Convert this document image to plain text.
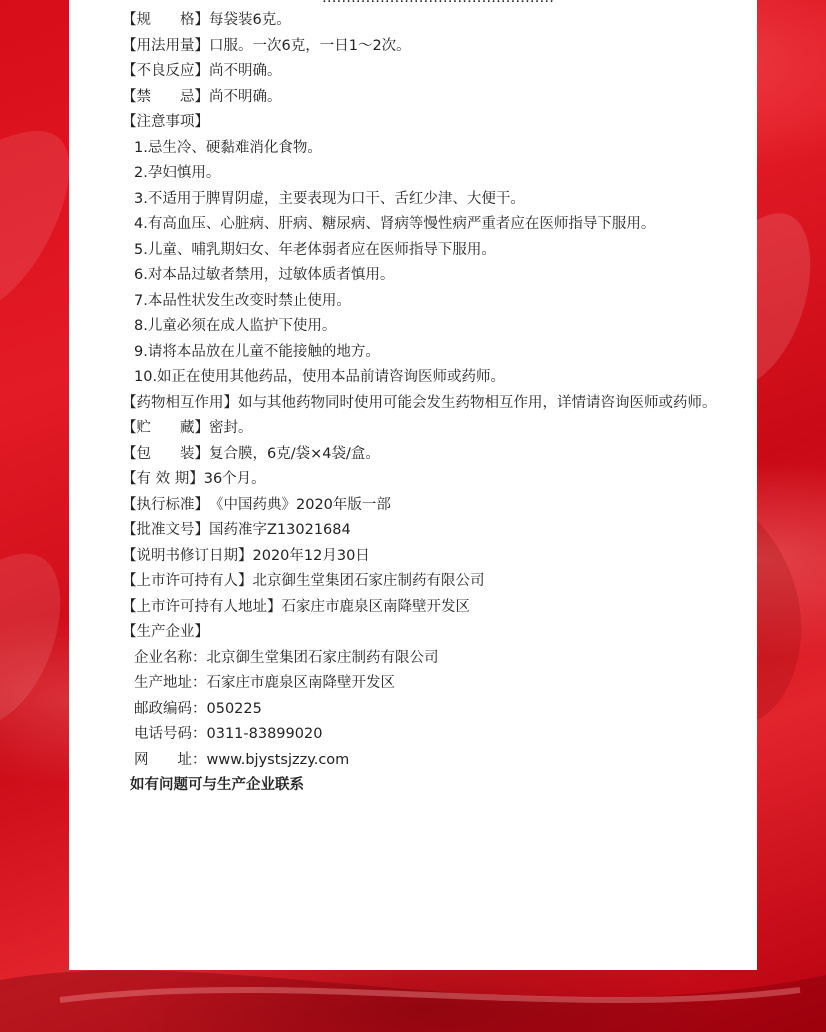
【规　　格】 每袋装6克。
【用法用量】 口服。一次6克，一日1～2次。
【不良反应】 尚不明确。
【禁　　忌】 尚不明确。
【注意事项】
1.忌生冷、硬黏难消化食物。
2.孕妇慎用。
3.不适用于脾胃阴虚，主要表现为口干、舌红少津、大便干。
4.有高血压、心脏病、肝病、糖尿病、肾病等慢性病严重者应在医师指导下服用。
5.儿童、哺乳期妇女、年老体弱者应在医师指导下服用。
6.对本品过敏者禁用，过敏体质者慎用。
7.本品性状发生改变时禁止使用。
8.儿童必须在成人监护下使用。
9.请将本品放在儿童不能接触的地方。
10.如正在使用其他药品，使用本品前请咨询医师或药师。
【药物相互作用】 如与其他药物同时使用可能会发生药物相互作用，详情请咨询医师或药师。
【贮　　藏】 密封。
【包　　装】 复合膜，6克/袋×4袋/盒。
【有 效 期】 36个月。
【执行标准】 《中国药典》2020年版一部
【批准文号】 国药准字Z13021684
【说明书修订日期】 2020年12月30日
【上市许可持有人】 北京御生堂集团石家庄制药有限公司
【上市许可持有人地址】 石家庄市鹿泉区南降壁开发区
【生产企业】
企业名称：北京御生堂集团石家庄制药有限公司
生产地址：石家庄市鹿泉区南降壁开发区
邮政编码：050225
电话号码：0311-83899020
网　　址：www.bjystsjzzy.com
如有问题可与生产企业联系
